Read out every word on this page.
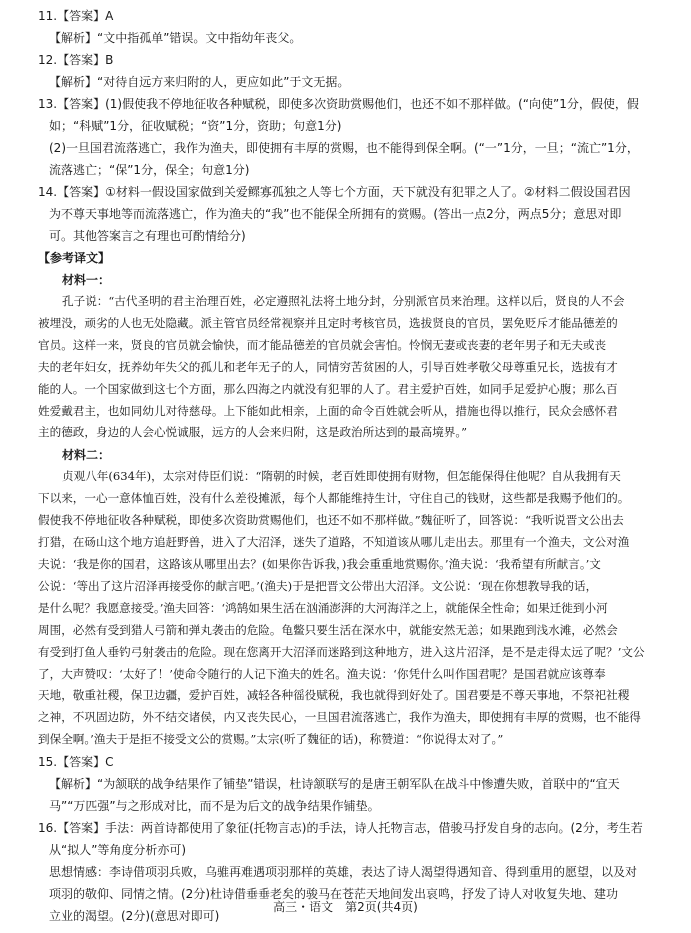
11.【答案】A
【解析】“文中指孤单”错误。文中指幼年丧父。
12.【答案】B
【解析】“对待自远方来归附的人，更应如此”于文无据。
13.【答案】(1)假使我不停地征收各种赋税，即使多次资助赏赐他们，也还不如不那样做。(“向使”1分，假使，假
如；“科赋”1分，征收赋税；“资”1分，资助；句意1分)
(2)一旦国君流落逃亡，我作为渔夫，即使拥有丰厚的赏赐，也不能得到保全啊。(“一”1分，一旦；“流亡”1分，
流落逃亡；“保”1分，保全；句意1分)
14.【答案】①材料一假设国家做到关爱鳏寡孤独之人等七个方面，天下就没有犯罪之人了。②材料二假设国君因
为不尊天事地等而流落逃亡，作为渔夫的“我”也不能保全所拥有的赏赐。(答出一点2分，两点5分；意思对即
可。其他答案言之有理也可酌情给分)
【参考译文】
材料一：
孔子说：“古代圣明的君主治理百姓，必定遵照礼法将土地分封，分别派官员来治理。这样以后，贤良的人不会
被埋没，顽劣的人也无处隐藏。派主管官员经常视察并且定时考核官员，选拔贤良的官员，罢免贬斥才能品德差的
官员。这样一来，贤良的官员就会愉快，而才能品德差的官员就会害怕。怜悯无妻或丧妻的老年男子和无夫或丧
夫的老年妇女，抚养幼年失父的孤儿和老年无子的人，同情穷苦贫困的人，引导百姓孝敬父母尊重兄长，选拔有才
能的人。一个国家做到这七个方面，那么四海之内就没有犯罪的人了。君主爱护百姓，如同手足爱护心腹；那么百
姓爱戴君主，也如同幼儿对待慈母。上下能如此相亲，上面的命令百姓就会听从，措施也得以推行，民众会感怀君
主的德政，身边的人会心悦诚服，远方的人会来归附，这是政治所达到的最高境界。”
材料二：
贞观八年(634年)，太宗对侍臣们说：“隋朝的时候，老百姓即使拥有财物，但怎能保得住他呢？自从我拥有天
下以来，一心一意体恤百姓，没有什么差役摊派，每个人都能维持生计，守住自己的钱财，这些都是我赐予他们的。
假使我不停地征收各种赋税，即使多次资助赏赐他们，也还不如不那样做。”魏征听了，回答说：“我听说晋文公出去
打猎，在砀山这个地方追赶野兽，进入了大沼泽，迷失了道路，不知道该从哪儿走出去。那里有一个渔夫，文公对渔
夫说：‘我是你的国君，这路该从哪里出去？(如果你告诉我，)我会重重地赏赐你。’渔夫说：‘我希望有所献言。’文
公说：‘等出了这片沼泽再接受你的献言吧。’(渔夫)于是把晋文公带出大沼泽。文公说：‘现在你想教导我的话，
是什么呢？我愿意接受。’渔夫回答：‘鸿鹄如果生活在汹涌澎湃的大河海洋之上，就能保全性命；如果迁徙到小河
周围，必然有受到猎人弓箭和弹丸袭击的危险。龟鳖只要生活在深水中，就能安然无恙；如果跑到浅水滩，必然会
有受到打鱼人垂钓弓射袭击的危险。现在您离开大沼泽而迷路到这种地方，进入这片沼泽，是不是走得太远了呢？’文公
了，大声赞叹：‘太好了！’使命令随行的人记下渔夫的姓名。渔夫说：‘你凭什么叫作国君呢？是国君就应该尊奉
天地，敬重社稷，保卫边疆，爱护百姓，减轻各种徭役赋税，我也就得到好处了。国君要是不尊天事地，不祭祀社稷
之神，不巩固边防，外不结交诸侯，内又丧失民心，一旦国君流落逃亡，我作为渔夫，即使拥有丰厚的赏赐，也不能得
到保全啊。’渔夫于是拒不接受文公的赏赐。”太宗(听了魏征的话)，称赞道：“你说得太对了。”
15.【答案】C
【解析】“为颔联的战争结果作了铺垫”错误，杜诗颔联写的是唐王朝军队在战斗中惨遭失败，首联中的“宜天
马”“万匹强”与之形成对比，而不是为后文的战争结果作铺垫。
16.【答案】手法：两首诗都使用了象征(托物言志)的手法，诗人托物言志，借骏马抒发自身的志向。(2分，考生若
从“拟人”等角度分析亦可)
思想情感：李诗借项羽兵败，乌骓再难遇项羽那样的英雄，表达了诗人渴望得遇知音、得到重用的愿望，以及对
项羽的敬仰、同情之情。(2分)杜诗借垂垂老矣的骏马在苍茫天地间发出哀鸣，抒发了诗人对收复失地、建功
立业的渴望。(2分)(意思对即可)
高三・语文　第2页(共4页)
